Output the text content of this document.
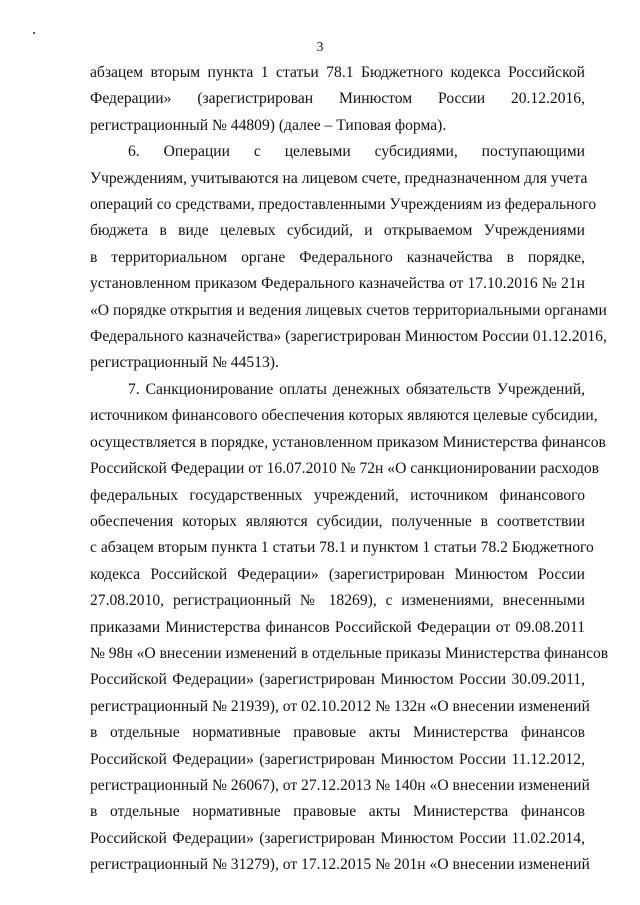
3
абзацем вторым пункта 1 статьи 78.1 Бюджетного кодекса Российской
Федерации» (зарегистрирован Минюстом России 20.12.2016,
регистрационный № 44809) (далее – Типовая форма).
6. Операции с целевыми субсидиями, поступающими
Учреждениям, учитываются на лицевом счете, предназначенном для учета
операций со средствами, предоставленными Учреждениям из федерального
бюджета в виде целевых субсидий, и открываемом Учреждениями
в территориальном органе Федерального казначейства в порядке,
установленном приказом Федерального казначейства от 17.10.2016 № 21н
«О порядке открытия и ведения лицевых счетов территориальными органами
Федерального казначейства» (зарегистрирован Минюстом России 01.12.2016,
регистрационный № 44513).
7. Санкционирование оплаты денежных обязательств Учреждений,
источником финансового обеспечения которых являются целевые субсидии,
осуществляется в порядке, установленном приказом Министерства финансов
Российской Федерации от 16.07.2010 № 72н «О санкционировании расходов
федеральных государственных учреждений, источником финансового
обеспечения которых являются субсидии, полученные в соответствии
с абзацем вторым пункта 1 статьи 78.1 и пунктом 1 статьи 78.2 Бюджетного
кодекса Российской Федерации» (зарегистрирован Минюстом России
27.08.2010, регистрационный № 18269), с изменениями, внесенными
приказами Министерства финансов Российской Федерации от 09.08.2011
№ 98н «О внесении изменений в отдельные приказы Министерства финансов
Российской Федерации» (зарегистрирован Минюстом России 30.09.2011,
регистрационный № 21939), от 02.10.2012 № 132н «О внесении изменений
в отдельные нормативные правовые акты Министерства финансов
Российской Федерации» (зарегистрирован Минюстом России 11.12.2012,
регистрационный № 26067), от 27.12.2013 № 140н «О внесении изменений
в отдельные нормативные правовые акты Министерства финансов
Российской Федерации» (зарегистрирован Минюстом России 11.02.2014,
регистрационный № 31279), от 17.12.2015 № 201н «О внесении изменений
